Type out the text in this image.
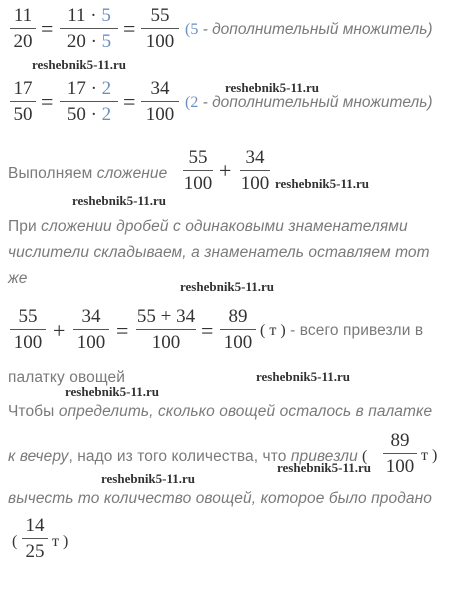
11
20
=
11 · 5
20 · 5
=
55
100
(5 - дополнительный множитель)
17
50
=
17 · 2
50 · 2
=
34
100
(2 - дополнительный множитель)
Выполняем сложение
55
100
+
34
100
При сложении дробей с одинаковыми знаменателями
числители складываем, а знаменатель оставляем тот
же
55
100 +
34
100 =
55 + 34
100 =
89
100
( т ) - всего привезли в
палатку овощей
Чтобы определить, сколько овощей осталось в палатке
к вечеру, надо из того количества, что привезли (
89
100
т )
вычесть то количество овощей, которое было продано
(
14
25 т )
reshebnik5-11.ru
reshebnik5-11.ru
reshebnik5-11.ru
reshebnik5-11.ru
reshebnik5-11.ru
reshebnik5-11.ru
reshebnik5-11.ru
reshebnik5-11.ru
reshebnik5-11.ru
